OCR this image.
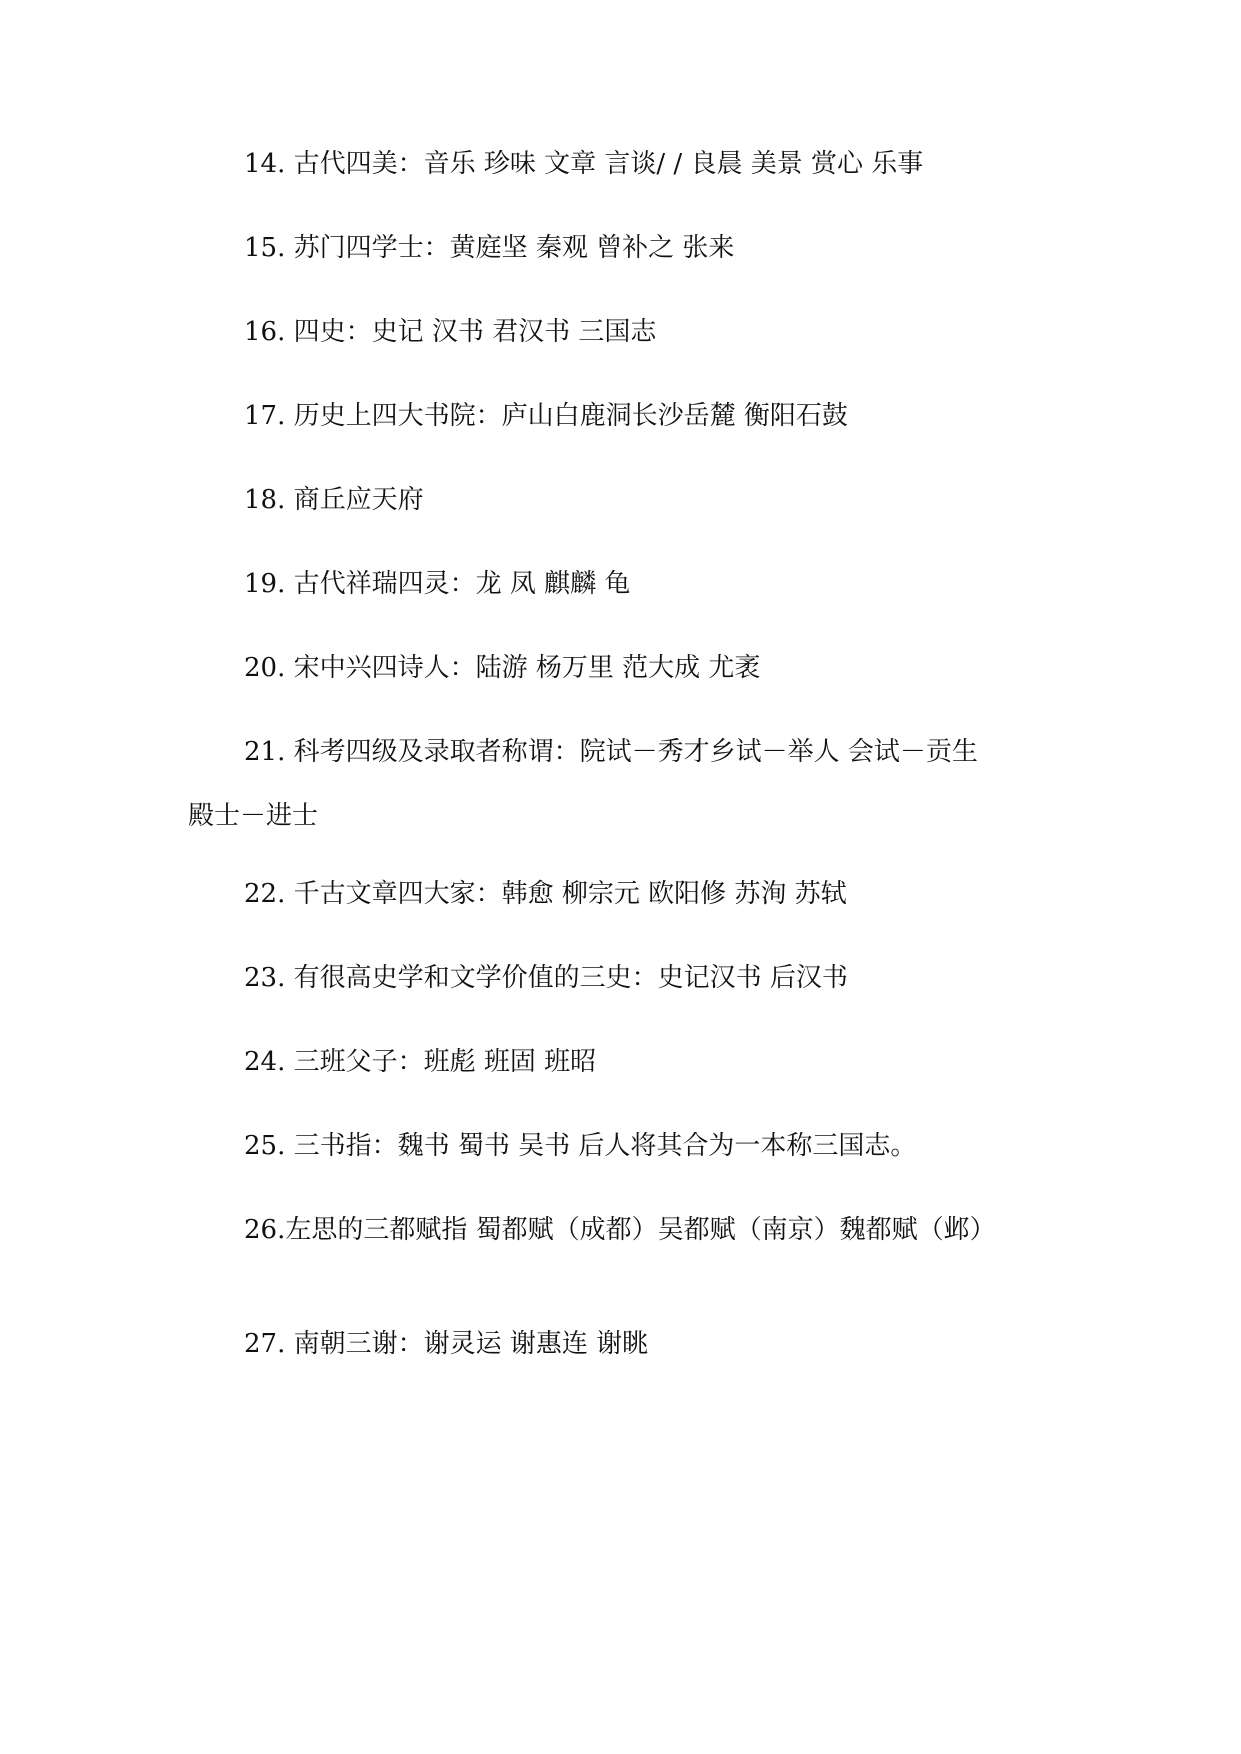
14. 古代四美：音乐 珍味 文章 言谈/ / 良晨 美景 赏心 乐事
15. 苏门四学士：黄庭坚 秦观 曾补之 张来
16. 四史：史记 汉书 君汉书 三国志
17. 历史上四大书院：庐山白鹿洞长沙岳麓 衡阳石鼓
18. 商丘应天府
19. 古代祥瑞四灵：龙 凤 麒麟 龟
20. 宋中兴四诗人：陆游 杨万里 范大成 尤袤
21. 科考四级及录取者称谓：院试－秀才乡试－举人 会试－贡生
殿士－进士
22. 千古文章四大家：韩愈 柳宗元 欧阳修 苏洵 苏轼
23. 有很高史学和文学价值的三史：史记汉书 后汉书
24. 三班父子：班彪 班固 班昭
25. 三书指：魏书 蜀书 吴书 后人将其合为一本称三国志。
26.左思的三都赋指 蜀都赋（成都）吴都赋（南京）魏都赋（邺）
27. 南朝三谢：谢灵运 谢惠连 谢眺
